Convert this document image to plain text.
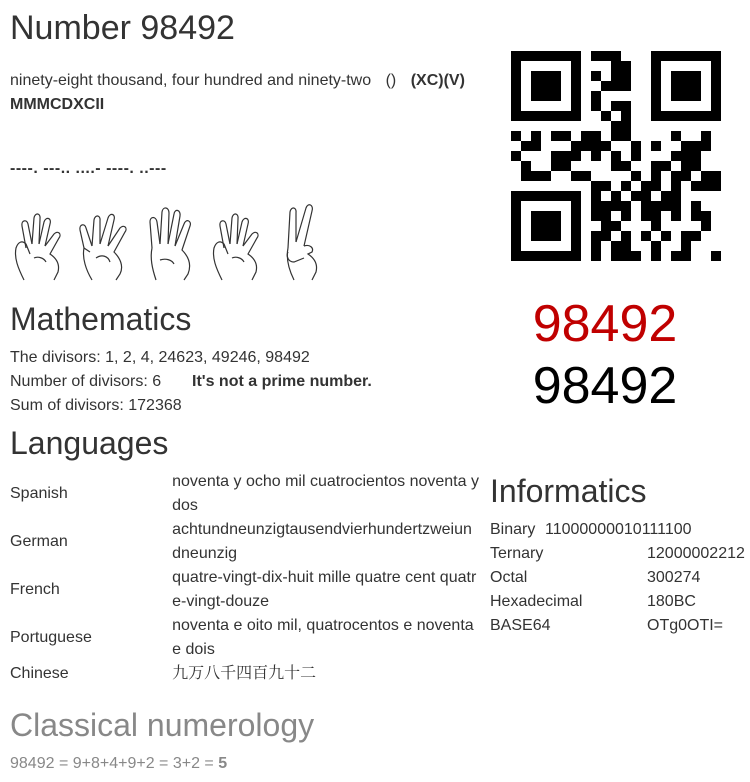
Number 98492
ninety-eight thousand, four hundred and ninety-two () (XC)(V)
MMMCDXCII
----. ---.. ....- ----. ..---
98492
98492
Mathematics
The divisors: 1, 2, 4, 24623, 49246, 98492
Number of divisors: 6 It's not a prime number.
Sum of divisors: 172368
Languages
Spanish	noventa y ocho mil cuatrocientos noventa y dos
German	achtundneunzigtausendvierhundertzweiundneunzig
French	quatre-vingt-dix-huit mille quatre cent quatre-vingt-douze
Portuguese	noventa e oito mil, quatrocentos e noventa e dois
Chinese	九万八千四百九十二
Informatics
Binary 11000000010111100
Ternary	12000002212
Octal	300274
Hexadecimal	180BC
BASE64	OTg0OTI=
Classical numerology
98492 = 9+8+4+9+2 = 3+2 = 5
